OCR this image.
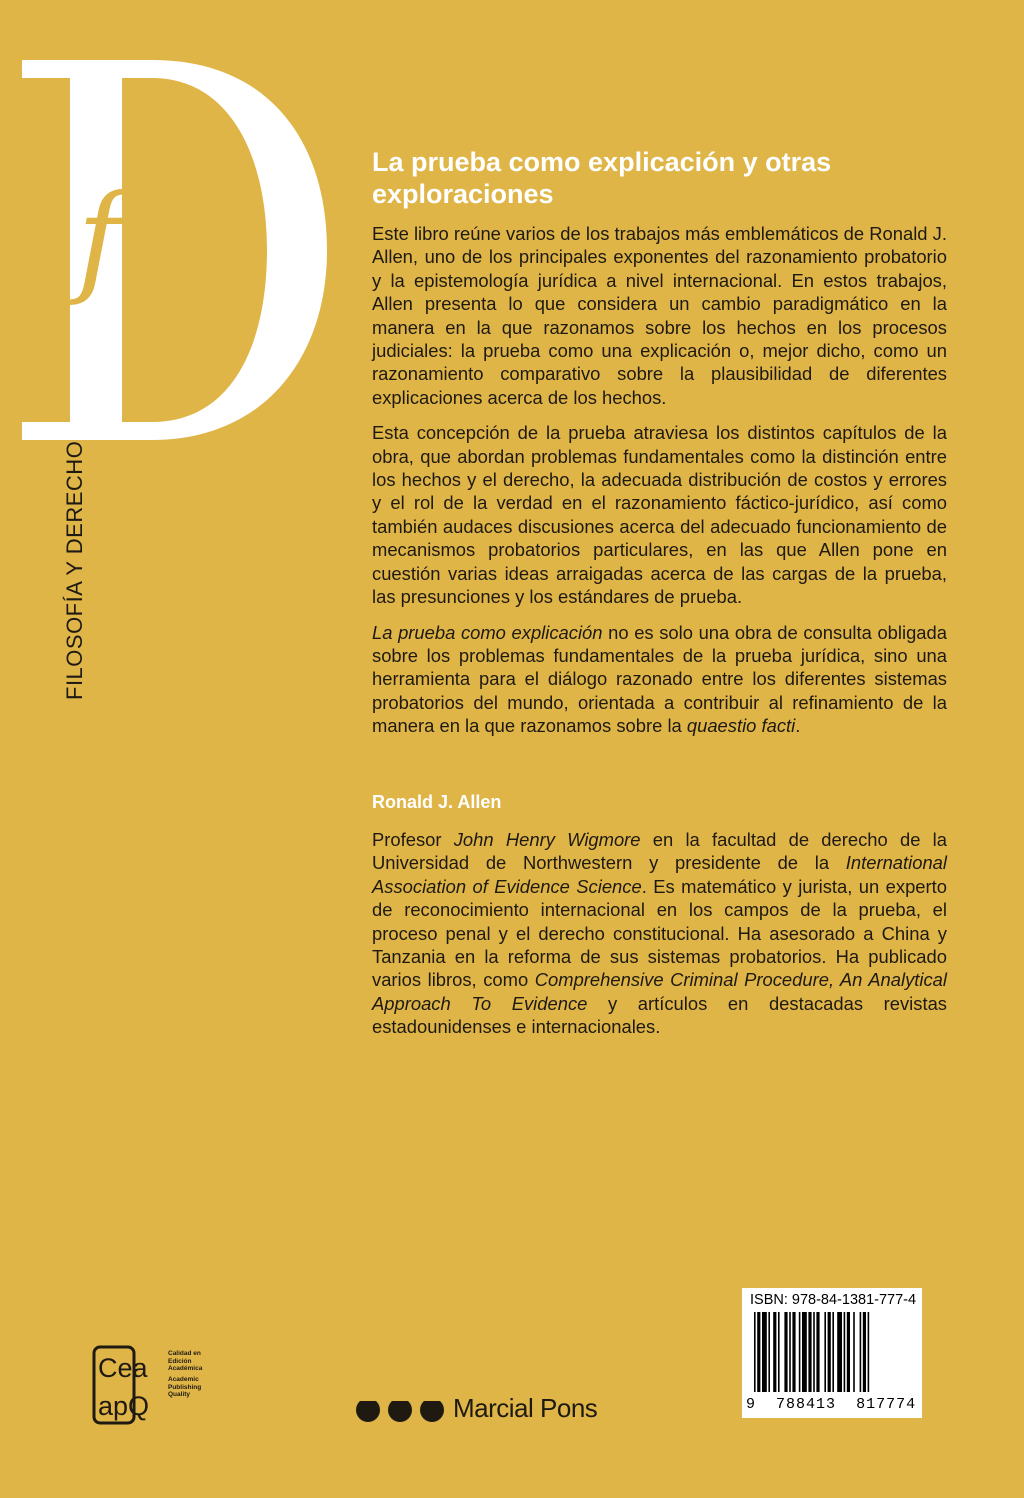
f
FILOSOFÍA Y DERECHO
La prueba como explicación y otras exploraciones

Este libro reúne varios de los trabajos más emblemáticos de Ronald J. Allen, uno de los principales exponentes del razonamiento probatorio y la epistemología jurídica a nivel internacional. En estos trabajos, Allen presenta lo que considera un cambio paradigmático en la manera en la que razonamos sobre los hechos en los procesos judiciales: la prueba como una explicación o, mejor dicho, como un razonamiento comparativo sobre la plausibilidad de diferentes explicaciones acerca de los hechos.

Esta concepción de la prueba atraviesa los distintos capítulos de la obra, que abordan problemas fundamentales como la distinción entre los hechos y el derecho, la adecuada distribución de costos y errores y el rol de la verdad en el razonamiento fáctico-jurídico, así como también audaces discusiones acerca del adecuado funcionamiento de mecanismos probatorios particulares, en las que Allen pone en cuestión varias ideas arraigadas acerca de las cargas de la prueba, las presunciones y los estándares de prueba.

La prueba como explicación no es solo una obra de consulta obligada sobre los problemas fundamentales de la prueba jurídica, sino una herramienta para el diálogo razonado entre los diferentes sistemas probatorios del mundo, orientada a contribuir al refinamiento de la manera en la que razonamos sobre la quaestio facti.

Ronald J. Allen

Profesor John Henry Wigmore en la facultad de derecho de la Universidad de Northwestern y presidente de la International Association of Evidence Science. Es matemático y jurista, un experto de reconocimiento internacional en los campos de la prueba, el proceso penal y el derecho constitucional. Ha asesorado a China y Tanzania en la reforma de sus sistemas probatorios. Ha publicado varios libros, como Comprehensive Criminal Procedure, An Analytical Approach To Evidence y artículos en destacadas revistas estadounidenses e internacionales.

Cea
apQ
Calidad en
Edición
Académica
Academic
Publishing
Quality	Marcial Pons
ISBN: 978-84-1381-777-4
9 788413 817774
